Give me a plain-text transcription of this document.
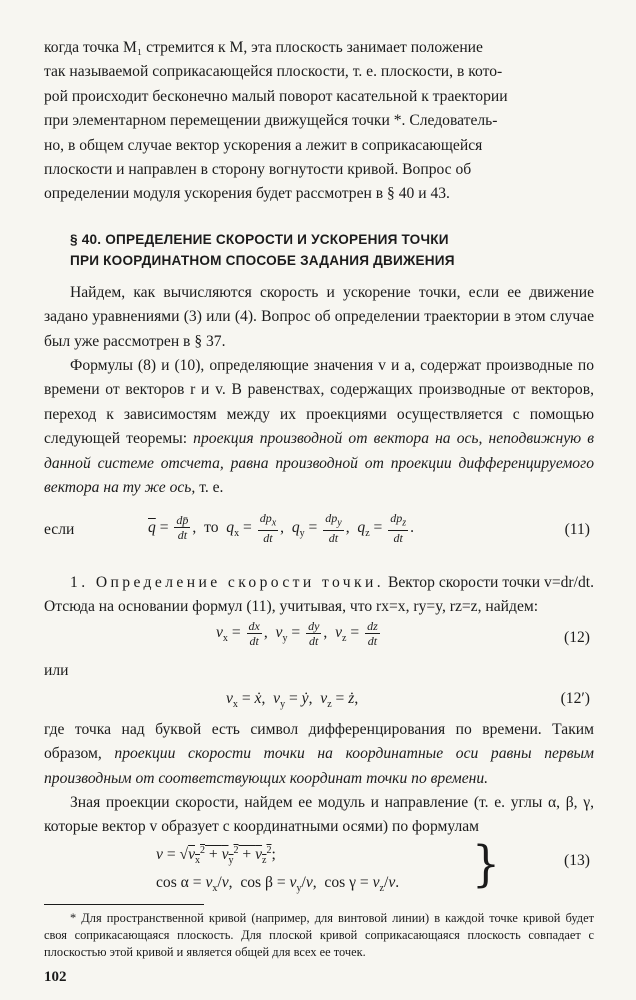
когда точка M₁ стремится к M, эта плоскость занимает положение
так называемой соприкасающейся плоскости, т. е. плоскости, в кото-
рой происходит бесконечно малый поворот касательной к траектории
при элементарном перемещении движущейся точки *. Следователь-
но, в общем случае вектор ускорения a лежит в соприкасающейся
плоскости и направлен в сторону вогнутости кривой. Вопрос об
определении модуля ускорения будет рассмотрен в § 40 и 43.

§ 40. ОПРЕДЕЛЕНИЕ СКОРОСТИ И УСКОРЕНИЯ ТОЧКИ

ПРИ КООРДИНАТНОМ СПОСОБЕ ЗАДАНИЯ ДВИЖЕНИЯ

Найдем, как вычисляются скорость и ускорение точки, если ее движение задано уравнениями (3) или (4). Вопрос об определении траектории в этом случае был уже рассмотрен в § 37.

Формулы (8) и (10), определяющие значения v и a, содержат производные по времени от векторов r и v. В равенствах, содержащих производные от векторов, переход к зависимостям между их проекциями осуществляется с помощью следующей теоремы: проекция производной от вектора на ось, неподвижную в данной системе отсчета, равна производной от проекции дифференцируемого вектора на ту же ось, т. е.

если	$\overline{q} = \frac{dp̄}{dt}$ ,  то $q_x = \frac{dp_x}{dt}$ ,  $q_y = \frac{dp_y}{dt}$ ,  $q_z = \frac{dp_z}{dt}$ .	(11)

1. Определение скорости точки. Вектор скорости точки v=dr/dt. Отсюда на основании формул (11), учитывая, что rx=x, ry=y, rz=z, найдем:

$v_x = \frac{dx}{dt}$ ,  $v_y = \frac{dy}{dt}$ ,  $v_z = \frac{dz}{dt}$	(12)

или

$v_x$ = ẋ,  $v_y$ = ẏ,  $v_z$ = ż,	(12′)

где точка над буквой есть символ дифференцирования по времени. Таким образом, проекции скорости точки на координатные оси равны первым производным от соответствующих координат точки по времени.

Зная проекции скорости, найдем ее модуль и направление (т. е. углы α, β, γ, которые вектор v образует с координатными осями) по формулам

$v = √v_x^2 + v_y^2 + v_z^2$;
$\cos \alpha = v_x/v$,  $\cos \beta = v_y/v$,  $\cos \gamma = v_z/v$. }	(13)

* Для пространственной кривой (например, для винтовой линии) в каждой точке кривой будет своя соприкасающаяся плоскость. Для плоской кривой соприкасающаяся плоскость совпадает с плоскостью этой кривой и является общей для всех ее точек.

102
